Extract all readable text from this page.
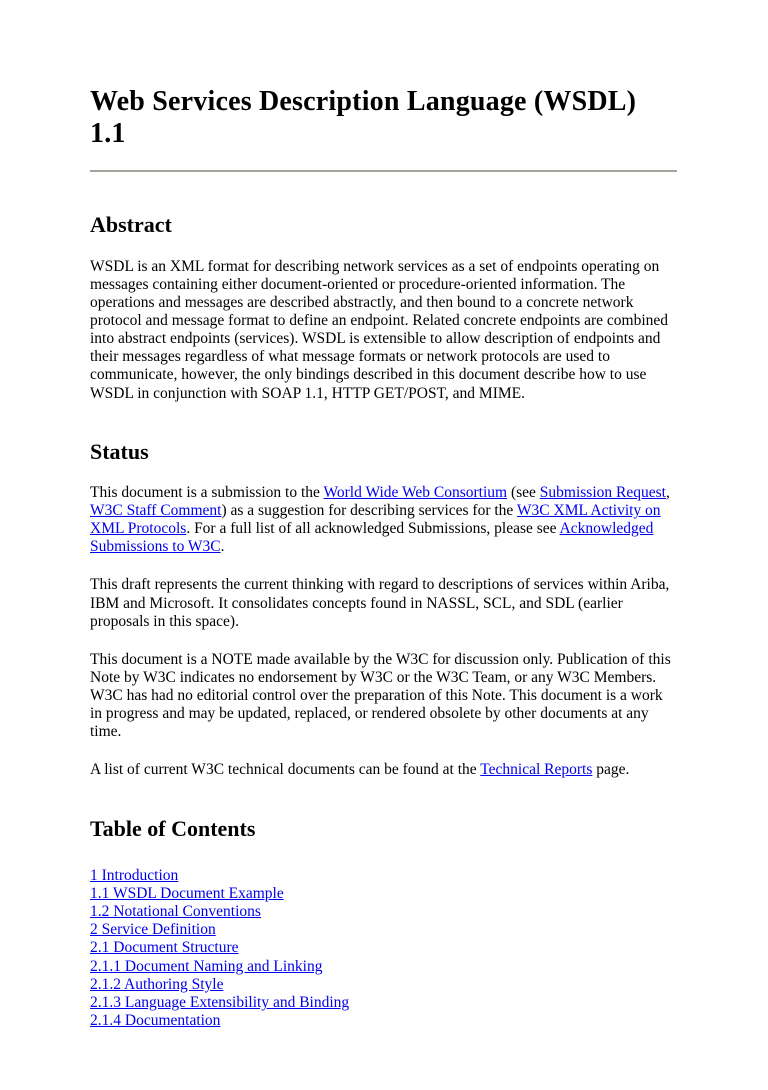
Web Services Description Language (WSDL) 1.1
Abstract

WSDL is an XML format for describing network services as a set of endpoints operating on messages containing either document-oriented or procedure-oriented information. The operations and messages are described abstractly, and then bound to a concrete network protocol and message format to define an endpoint. Related concrete endpoints are combined into abstract endpoints (services). WSDL is extensible to allow description of endpoints and their messages regardless of what message formats or network protocols are used to communicate, however, the only bindings described in this document describe how to use WSDL in conjunction with SOAP 1.1, HTTP GET/POST, and MIME.

Status

This document is a submission to the World Wide Web Consortium (see Submission Request, W3C Staff Comment) as a suggestion for describing services for the W3C XML Activity on XML Protocols. For a full list of all acknowledged Submissions, please see Acknowledged Submissions to W3C.

This draft represents the current thinking with regard to descriptions of services within Ariba, IBM and Microsoft. It consolidates concepts found in NASSL, SCL, and SDL (earlier proposals in this space).

This document is a NOTE made available by the W3C for discussion only. Publication of this Note by W3C indicates no endorsement by W3C or the W3C Team, or any W3C Members. W3C has had no editorial control over the preparation of this Note. This document is a work in progress and may be updated, replaced, or rendered obsolete by other documents at any time.

A list of current W3C technical documents can be found at the Technical Reports page.

Table of Contents
1 Introduction
1.1 WSDL Document Example
1.2 Notational Conventions
2 Service Definition
2.1 Document Structure
2.1.1 Document Naming and Linking
2.1.2 Authoring Style
2.1.3 Language Extensibility and Binding
2.1.4 Documentation
